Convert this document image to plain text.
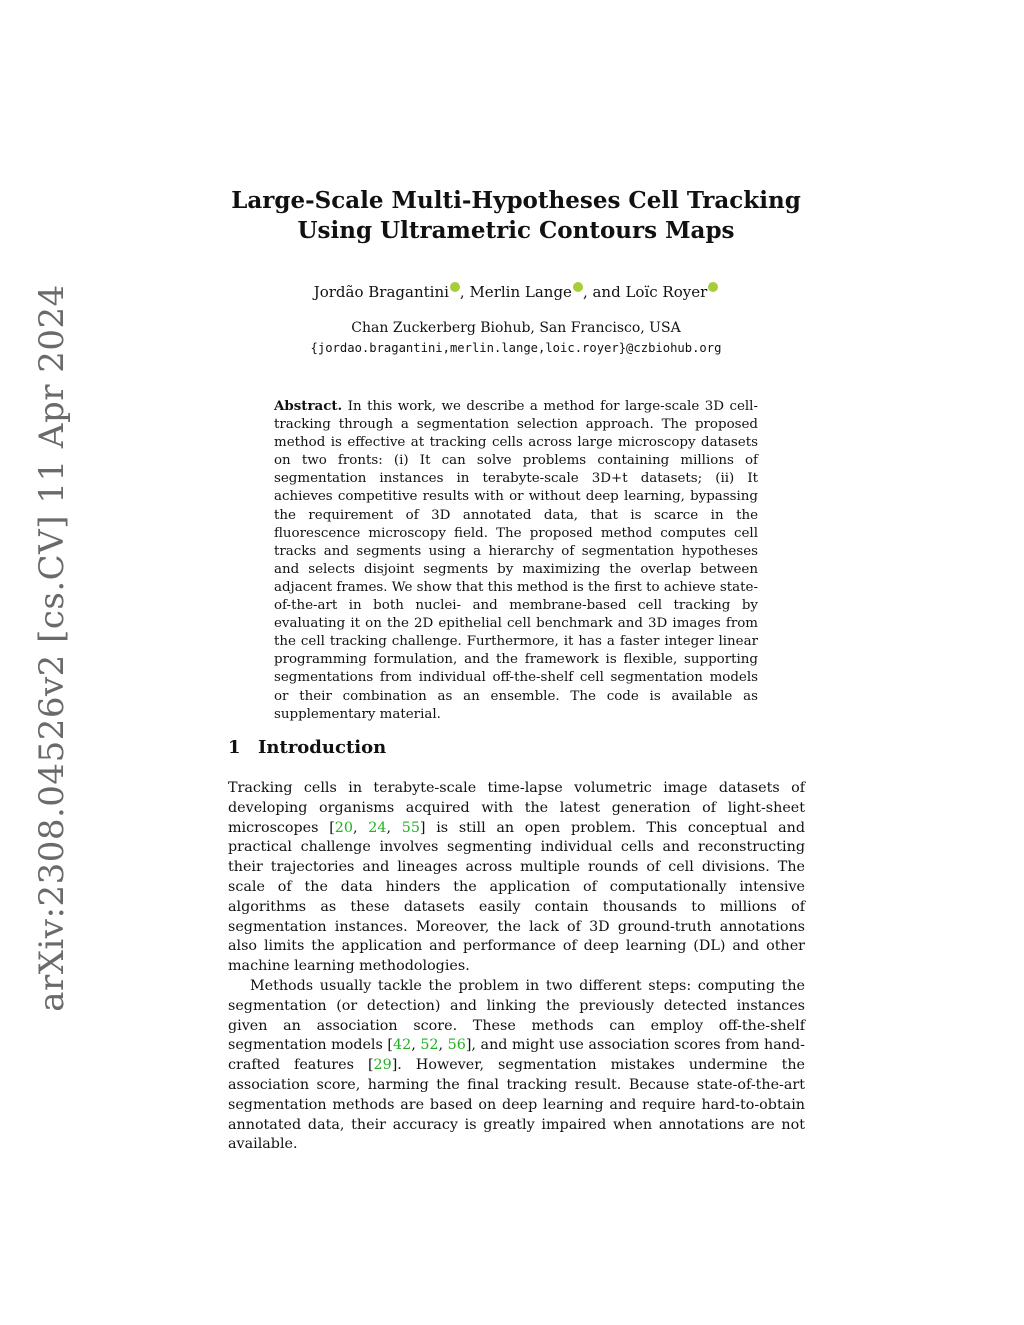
arXiv:2308.04526v2 [cs.CV] 11 Apr 2024
Large-Scale Multi-Hypotheses Cell Tracking
Using Ultrametric Contours Maps
Jordão Bragantini , Merlin Lange , and Loïc Royer
Chan Zuckerberg Biohub, San Francisco, USA
{jordao.bragantini,merlin.lange,loic.royer}@czbiohub.org
Abstract. In this work, we describe a method for large-scale 3D cell-tracking through a segmentation selection approach. The proposed method is effective at tracking cells across large microscopy datasets on two fronts: (i) It can solve problems containing millions of segmentation instances in terabyte-scale 3D+t datasets; (ii) It achieves competitive results with or without deep learning, bypassing the requirement of 3D annotated data, that is scarce in the fluorescence microscopy field. The proposed method computes cell tracks and segments using a hierarchy of segmentation hypotheses and selects disjoint segments by maximizing the overlap between adjacent frames. We show that this method is the first to achieve state-of-the-art in both nuclei- and membrane-based cell tracking by evaluating it on the 2D epithelial cell benchmark and 3D images from the cell tracking challenge. Furthermore, it has a faster integer linear programming formulation, and the framework is flexible, supporting segmentations from individual off-the-shelf cell segmentation models or their combination as an ensemble. The code is available as supplementary material.
1 Introduction

Tracking cells in terabyte-scale time-lapse volumetric image datasets of developing organisms acquired with the latest generation of light-sheet microscopes [20, 24, 55] is still an open problem. This conceptual and practical challenge involves segmenting individual cells and reconstructing their trajectories and lineages across multiple rounds of cell divisions. The scale of the data hinders the application of computationally intensive algorithms as these datasets easily contain thousands to millions of segmentation instances. Moreover, the lack of 3D ground-truth annotations also limits the application and performance of deep learning (DL) and other machine learning methodologies.

Methods usually tackle the problem in two different steps: computing the segmentation (or detection) and linking the previously detected instances given an association score. These methods can employ off-the-shelf segmentation models [42, 52, 56], and might use association scores from hand-crafted features [29]. However, segmentation mistakes undermine the association score, harming the final tracking result. Because state-of-the-art segmentation methods are based on deep learning and require hard-to-obtain annotated data, their accuracy is greatly impaired when annotations are not available.
